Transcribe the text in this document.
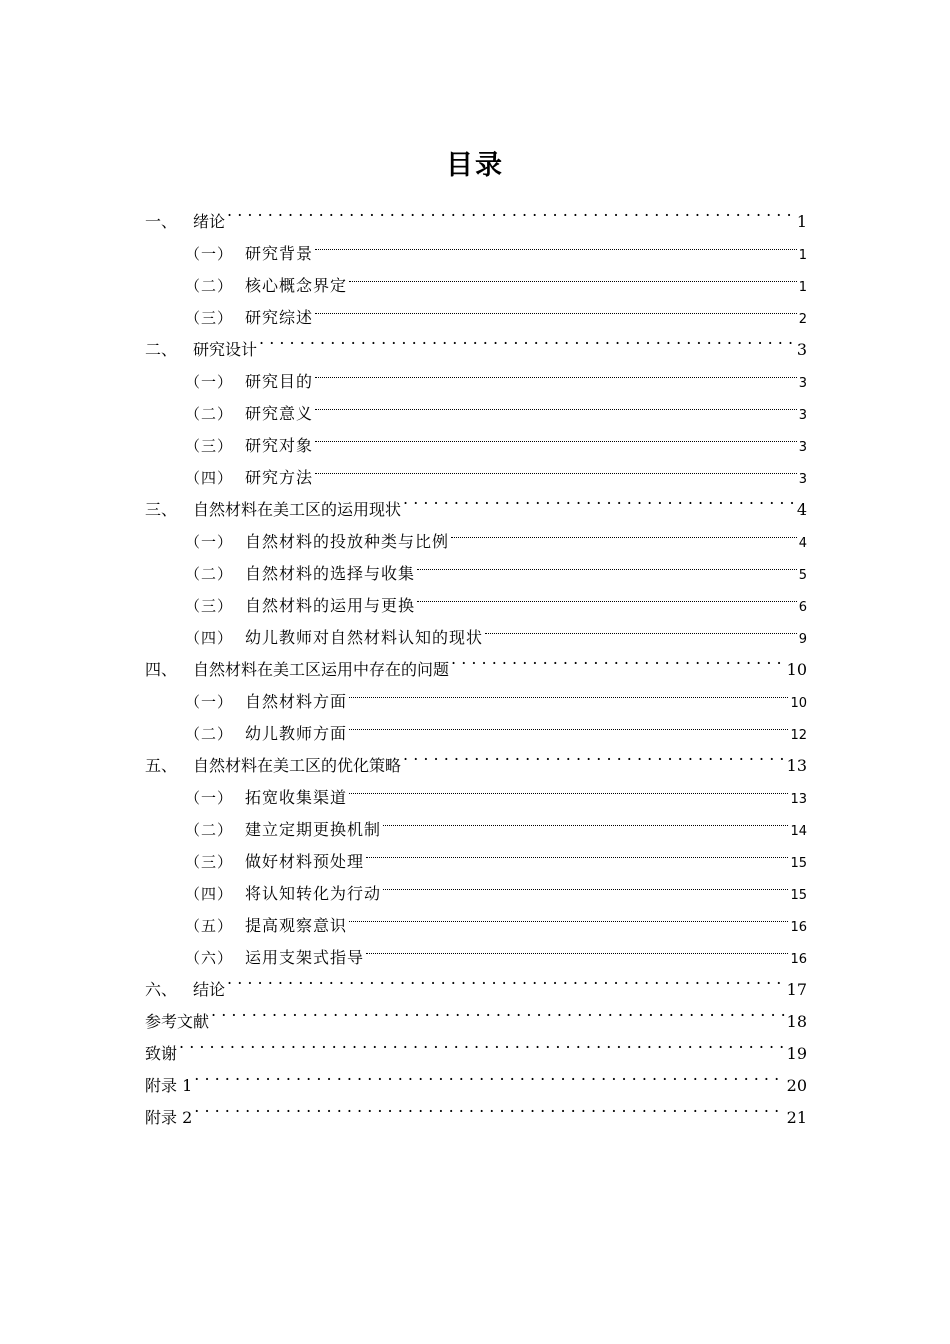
目录
一、 绪论 . . .	1
（一） 研究背景	1
（二） 核心概念界定	1
（三） 研究综述	2
二、 研究设计 . . .	3
（一） 研究目的	3
（二） 研究意义	3
（三） 研究对象	3
（四） 研究方法	3
三、 自然材料在美工区的运用现状 . . .	4
（一） 自然材料的投放种类与比例	4
（二） 自然材料的选择与收集	5
（三） 自然材料的运用与更换	6
（四） 幼儿教师对自然材料认知的现状	9
四、 自然材料在美工区运用中存在的问题 . . .	10
（一） 自然材料方面	10
（二） 幼儿教师方面	12
五、 自然材料在美工区的优化策略 . . .	13
（一） 拓宽收集渠道	13
（二） 建立定期更换机制	14
（三） 做好材料预处理	15
（四） 将认知转化为行动	15
（五） 提高观察意识	16
（六） 运用支架式指导	16
六、 结论 . . .	17
参考文献 . . .	18
致谢 . . .	19
附录 1 . . .	20
附录 2 . . .	21
